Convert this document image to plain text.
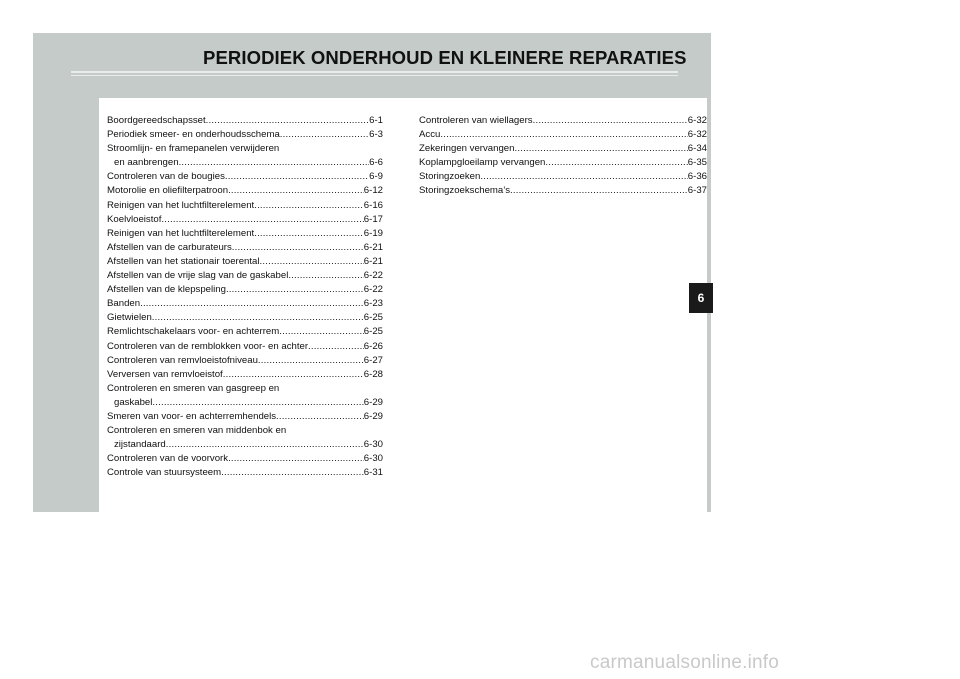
PERIODIEK ONDERHOUD EN KLEINERE REPARATIES
Boordgereedschapsset .....	6-1
Periodiek smeer- en onderhoudsschema .....	6-3
Stroomlijn- en framepanelen verwijderen
en aanbrengen .....	6-6
Controleren van de bougies .....	6-9
Motorolie en oliefilterpatroon .....	6-12
Reinigen van het luchtfilterelement .....	6-16
Koelvloeistof .....	6-17
Reinigen van het luchtfilterelement .....	6-19
Afstellen van de carburateurs .....	6-21
Afstellen van het stationair toerental .....	6-21
Afstellen van de vrije slag van de gaskabel .....	6-22
Afstellen van de klepspeling .....	6-22
Banden .....	6-23
Gietwielen .....	6-25
Remlichtschakelaars voor- en achterrem .....	6-25
Controleren van de remblokken voor- en achter .....	6-26
Controleren van remvloeistofniveau .....	6-27
Verversen van remvloeistof .....	6-28
Controleren en smeren van gasgreep en
gaskabel .....	6-29
Smeren van voor- en achterremhendels .....	6-29
Controleren en smeren van middenbok en
zijstandaard .....	6-30
Controleren van de voorvork .....	6-30
Controle van stuursysteem .....	6-31
Controleren van wiellagers .....	6-32
Accu .....	6-32
Zekeringen vervangen .....	6-34
Koplampgloeilamp vervangen .....	6-35
Storingzoeken .....	6-36
Storingzoekschema’s .....	6-37
6
carmanualsonline.info
